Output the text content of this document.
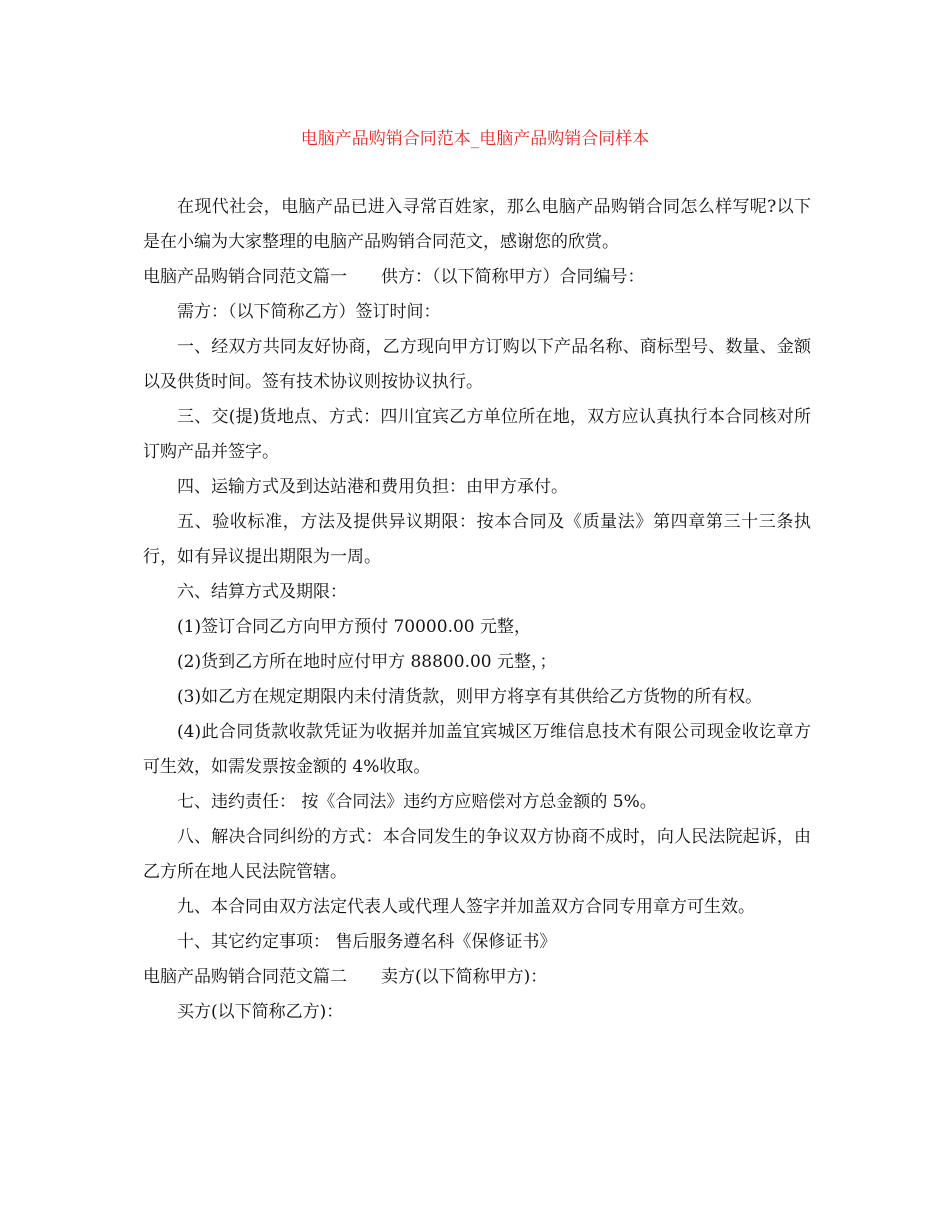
电脑产品购销合同范本_电脑产品购销合同样本

在现代社会，电脑产品已进入寻常百姓家，那么电脑产品购销合同怎么样写呢?以下是在小编为大家整理的电脑产品购销合同范文，感谢您的欣赏。

电脑产品购销合同范文篇一 供方：（以下简称甲方）合同编号：

需方：（以下简称乙方）签订时间：

一、经双方共同友好协商，乙方现向甲方订购以下产品名称、商标型号、数量、金额以及供货时间。签有技术协议则按协议执行。

三、交(提)货地点、方式：四川宜宾乙方单位所在地，双方应认真执行本合同核对所订购产品并签字。

四、运输方式及到达站港和费用负担：由甲方承付。

五、验收标准，方法及提供异议期限：按本合同及《质量法》第四章第三十三条执行，如有异议提出期限为一周。

六、结算方式及期限：

(1)签订合同乙方向甲方预付 70000.00 元整，

(2)货到乙方所在地时应付甲方 88800.00 元整，；

(3)如乙方在规定期限内未付清货款，则甲方将享有其供给乙方货物的所有权。

(4)此合同货款收款凭证为收据并加盖宜宾城区万维信息技术有限公司现金收讫章方可生效，如需发票按金额的 4%收取。

七、违约责任： 按《合同法》违约方应赔偿对方总金额的 5%。

八、解决合同纠纷的方式：本合同发生的争议双方协商不成时，向人民法院起诉，由乙方所在地人民法院管辖。

九、本合同由双方法定代表人或代理人签字并加盖双方合同专用章方可生效。

十、其它约定事项： 售后服务遵名科《保修证书》

电脑产品购销合同范文篇二 卖方(以下简称甲方)：

买方(以下简称乙方)：
